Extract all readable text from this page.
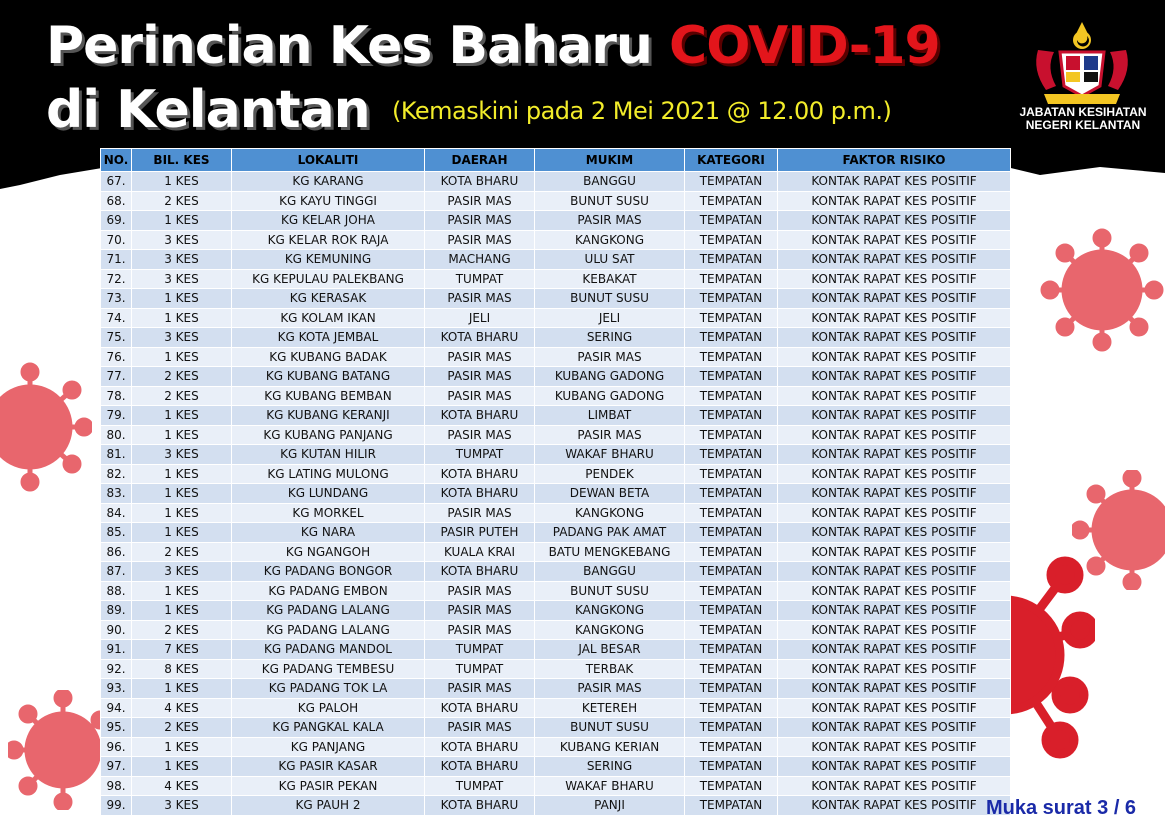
Perincian Kes Baharu COVID-19
di Kelantan (Kemaskini pada 2 Mei 2021 @ 12.00 p.m.)	JABATAN KESIHATAN
NEGERI KELANTAN
NO.	BIL. KES	LOKALITI	DAERAH	MUKIM	KATEGORI	FAKTOR RISIKO
67.	1 KES	KG KARANG	KOTA BHARU	BANGGU	TEMPATAN	KONTAK RAPAT KES POSITIF
68.	2 KES	KG KAYU TINGGI	PASIR MAS	BUNUT SUSU	TEMPATAN	KONTAK RAPAT KES POSITIF
69.	1 KES	KG KELAR JOHA	PASIR MAS	PASIR MAS	TEMPATAN	KONTAK RAPAT KES POSITIF
70.	3 KES	KG KELAR ROK RAJA	PASIR MAS	KANGKONG	TEMPATAN	KONTAK RAPAT KES POSITIF
71.	3 KES	KG KEMUNING	MACHANG	ULU SAT	TEMPATAN	KONTAK RAPAT KES POSITIF
72.	3 KES	KG KEPULAU PALEKBANG	TUMPAT	KEBAKAT	TEMPATAN	KONTAK RAPAT KES POSITIF
73.	1 KES	KG KERASAK	PASIR MAS	BUNUT SUSU	TEMPATAN	KONTAK RAPAT KES POSITIF
74.	1 KES	KG KOLAM IKAN	JELI	JELI	TEMPATAN	KONTAK RAPAT KES POSITIF
75.	3 KES	KG KOTA JEMBAL	KOTA BHARU	SERING	TEMPATAN	KONTAK RAPAT KES POSITIF
76.	1 KES	KG KUBANG BADAK	PASIR MAS	PASIR MAS	TEMPATAN	KONTAK RAPAT KES POSITIF
77.	2 KES	KG KUBANG BATANG	PASIR MAS	KUBANG GADONG	TEMPATAN	KONTAK RAPAT KES POSITIF
78.	2 KES	KG KUBANG BEMBAN	PASIR MAS	KUBANG GADONG	TEMPATAN	KONTAK RAPAT KES POSITIF
79.	1 KES	KG KUBANG KERANJI	KOTA BHARU	LIMBAT	TEMPATAN	KONTAK RAPAT KES POSITIF
80.	1 KES	KG KUBANG PANJANG	PASIR MAS	PASIR MAS	TEMPATAN	KONTAK RAPAT KES POSITIF
81.	3 KES	KG KUTAN HILIR	TUMPAT	WAKAF BHARU	TEMPATAN	KONTAK RAPAT KES POSITIF
82.	1 KES	KG LATING MULONG	KOTA BHARU	PENDEK	TEMPATAN	KONTAK RAPAT KES POSITIF
83.	1 KES	KG LUNDANG	KOTA BHARU	DEWAN BETA	TEMPATAN	KONTAK RAPAT KES POSITIF
84.	1 KES	KG MORKEL	PASIR MAS	KANGKONG	TEMPATAN	KONTAK RAPAT KES POSITIF
85.	1 KES	KG NARA	PASIR PUTEH	PADANG PAK AMAT	TEMPATAN	KONTAK RAPAT KES POSITIF
86.	2 KES	KG NGANGOH	KUALA KRAI	BATU MENGKEBANG	TEMPATAN	KONTAK RAPAT KES POSITIF
87.	3 KES	KG PADANG BONGOR	KOTA BHARU	BANGGU	TEMPATAN	KONTAK RAPAT KES POSITIF
88.	1 KES	KG PADANG EMBON	PASIR MAS	BUNUT SUSU	TEMPATAN	KONTAK RAPAT KES POSITIF
89.	1 KES	KG PADANG LALANG	PASIR MAS	KANGKONG	TEMPATAN	KONTAK RAPAT KES POSITIF
90.	2 KES	KG PADANG LALANG	PASIR MAS	KANGKONG	TEMPATAN	KONTAK RAPAT KES POSITIF
91.	7 KES	KG PADANG MANDOL	TUMPAT	JAL BESAR	TEMPATAN	KONTAK RAPAT KES POSITIF
92.	8 KES	KG PADANG TEMBESU	TUMPAT	TERBAK	TEMPATAN	KONTAK RAPAT KES POSITIF
93.	1 KES	KG PADANG TOK LA	PASIR MAS	PASIR MAS	TEMPATAN	KONTAK RAPAT KES POSITIF
94.	4 KES	KG PALOH	KOTA BHARU	KETEREH	TEMPATAN	KONTAK RAPAT KES POSITIF
95.	2 KES	KG PANGKAL KALA	PASIR MAS	BUNUT SUSU	TEMPATAN	KONTAK RAPAT KES POSITIF
96.	1 KES	KG PANJANG	KOTA BHARU	KUBANG KERIAN	TEMPATAN	KONTAK RAPAT KES POSITIF
97.	1 KES	KG PASIR KASAR	KOTA BHARU	SERING	TEMPATAN	KONTAK RAPAT KES POSITIF
98.	4 KES	KG PASIR PEKAN	TUMPAT	WAKAF BHARU	TEMPATAN	KONTAK RAPAT KES POSITIF
99.	3 KES	KG PAUH 2	KOTA BHARU	PANJI	TEMPATAN	KONTAK RAPAT KES POSITIF Muka surat 3 / 6
